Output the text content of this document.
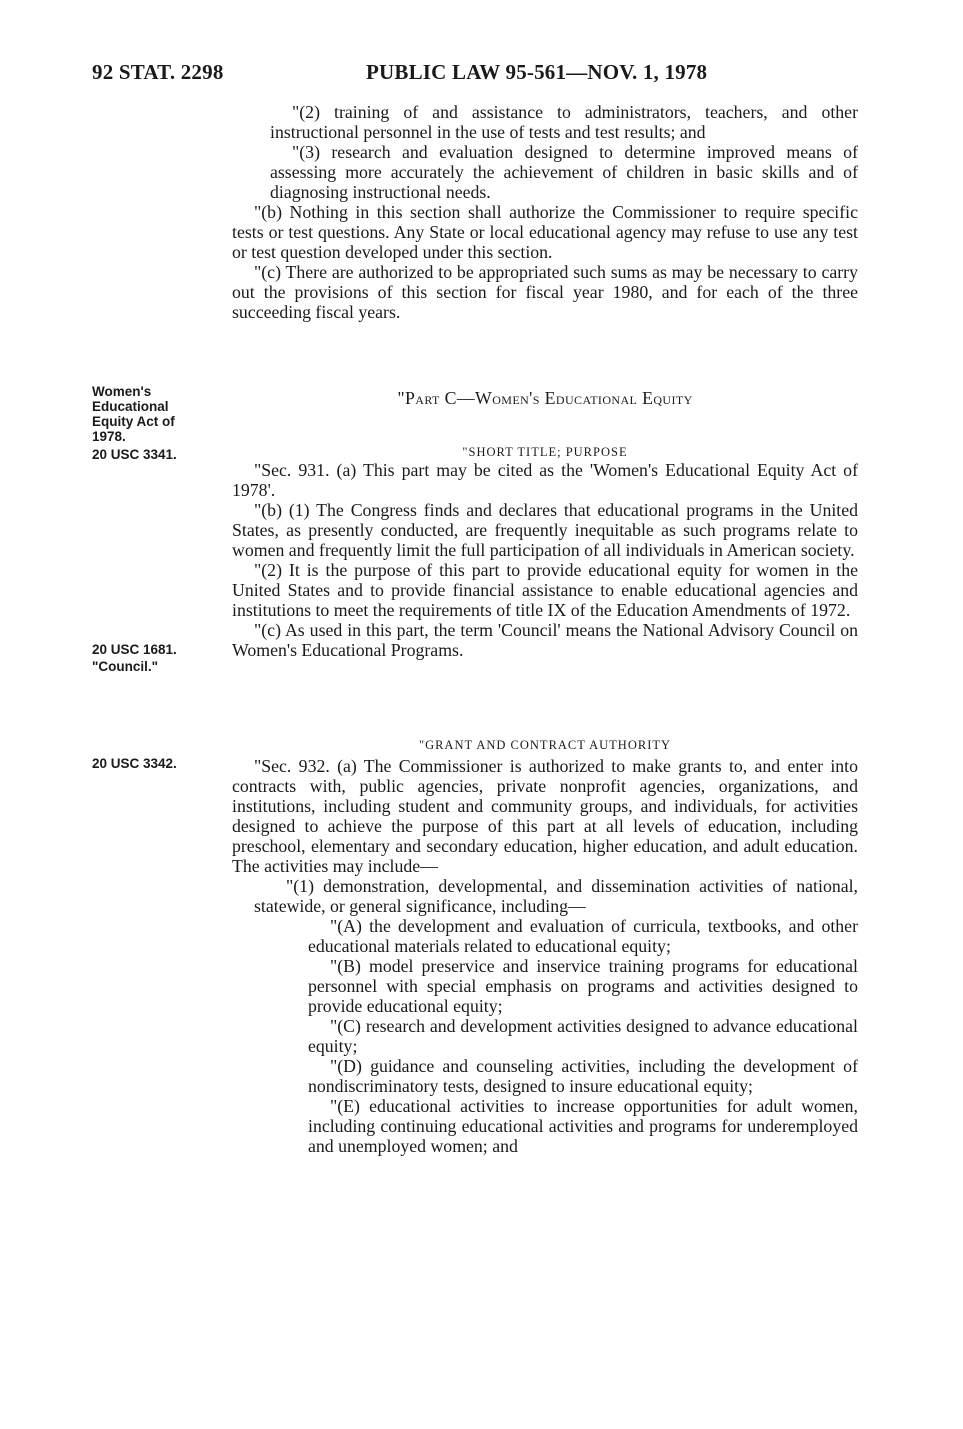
92 STAT. 2298	PUBLIC LAW 95-561—NOV. 1, 1978
Women's
Educational
Equity Act of
1978.
20 USC 3341.
20 USC 1681.
"Council."
20 USC 3342.

"(2) training of and assistance to administrators, teachers, and other instructional personnel in the use of tests and test results; and

"(3) research and evaluation designed to determine improved means of assessing more accurately the achievement of children in basic skills and of diagnosing instructional needs.

"(b) Nothing in this section shall authorize the Commissioner to require specific tests or test questions. Any State or local educational agency may refuse to use any test or test question developed under this section.

"(c) There are authorized to be appropriated such sums as may be necessary to carry out the provisions of this section for fiscal year 1980, and for each of the three succeeding fiscal years.

"Part C—Women's Educational Equity

"SHORT TITLE; PURPOSE

"Sec. 931. (a) This part may be cited as the 'Women's Educational Equity Act of 1978'.

"(b) (1) The Congress finds and declares that educational programs in the United States, as presently conducted, are frequently inequitable as such programs relate to women and frequently limit the full participation of all individuals in American society.

"(2) It is the purpose of this part to provide educational equity for women in the United States and to provide financial assistance to enable educational agencies and institutions to meet the requirements of title IX of the Education Amendments of 1972.

"(c) As used in this part, the term 'Council' means the National Advisory Council on Women's Educational Programs.

"GRANT AND CONTRACT AUTHORITY

"Sec. 932. (a) The Commissioner is authorized to make grants to, and enter into contracts with, public agencies, private nonprofit agencies, organizations, and institutions, including student and community groups, and individuals, for activities designed to achieve the purpose of this part at all levels of education, including preschool, elementary and secondary education, higher education, and adult education. The activities may include—

"(1) demonstration, developmental, and dissemination activities of national, statewide, or general significance, including—

"(A) the development and evaluation of curricula, textbooks, and other educational materials related to educational equity;

"(B) model preservice and inservice training programs for educational personnel with special emphasis on programs and activities designed to provide educational equity;

"(C) research and development activities designed to advance educational equity;

"(D) guidance and counseling activities, including the development of nondiscriminatory tests, designed to insure educational equity;

"(E) educational activities to increase opportunities for adult women, including continuing educational activities and programs for underemployed and unemployed women; and
